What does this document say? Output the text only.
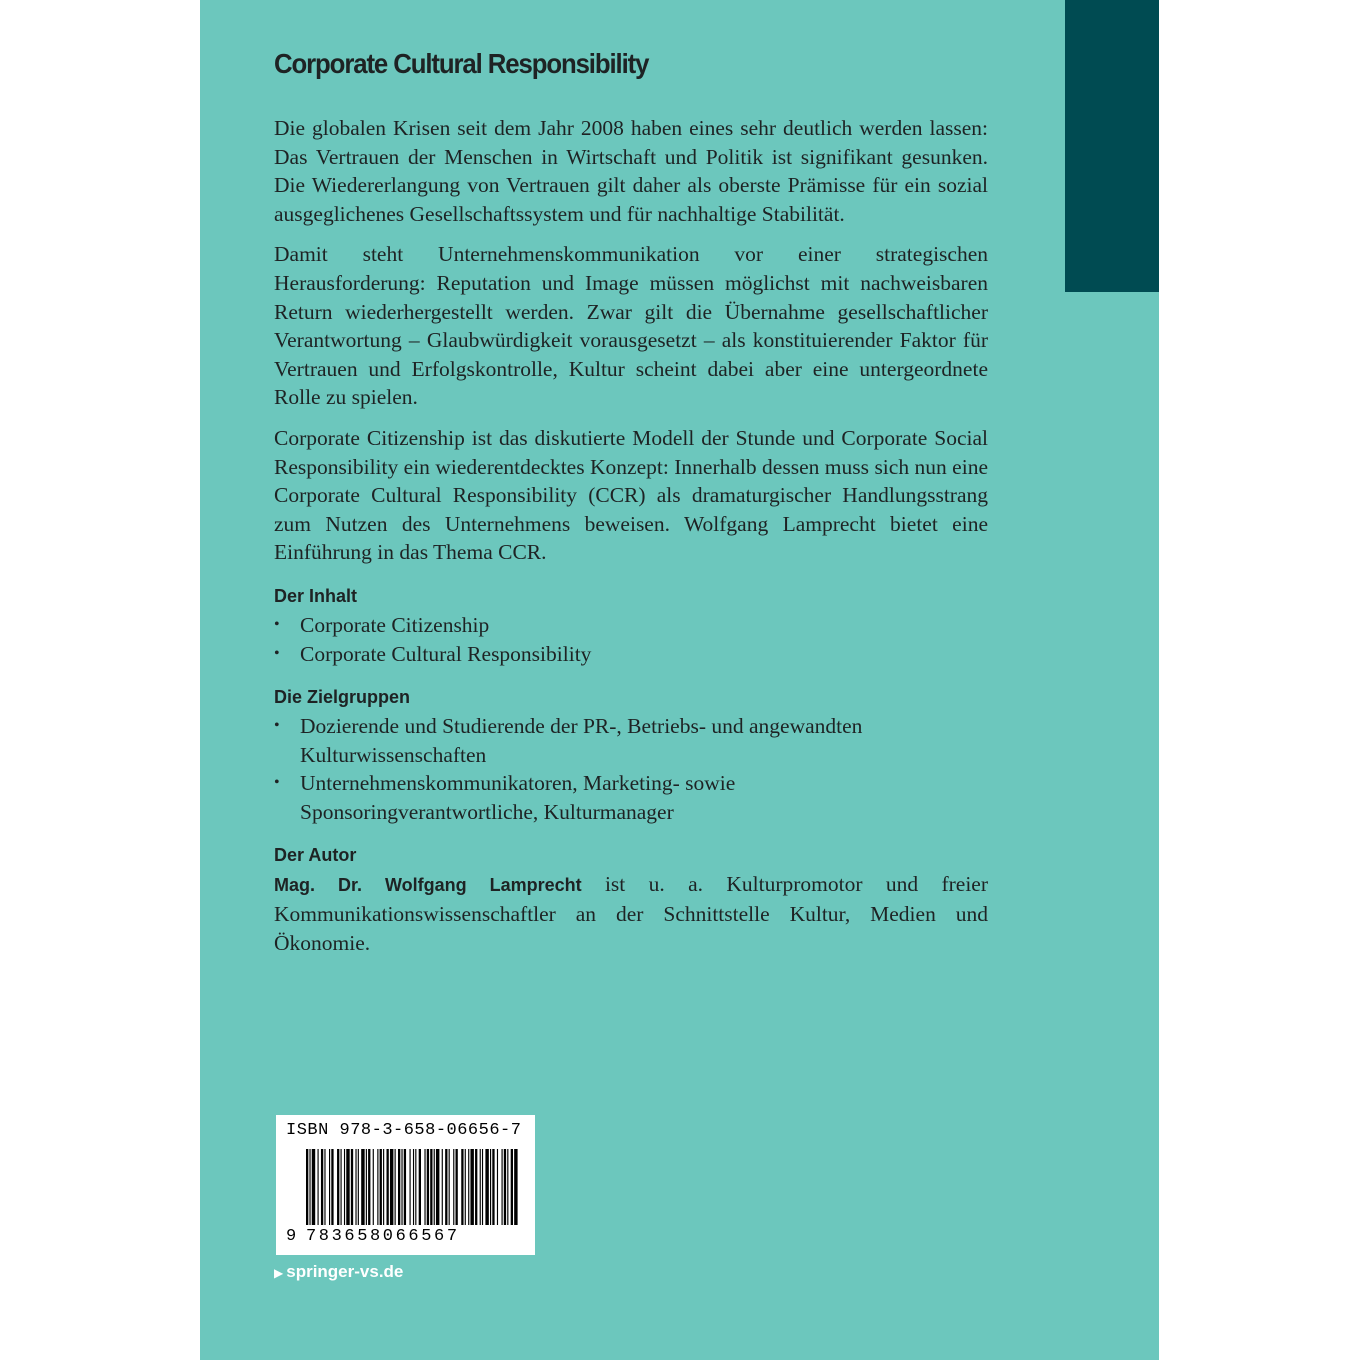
Corporate Cultural Responsibility

Die globalen Krisen seit dem Jahr 2008 haben eines sehr deutlich werden lassen: Das Vertrauen der Menschen in Wirtschaft und Politik ist signifikant gesunken. Die Wiedererlangung von Vertrauen gilt daher als oberste Prämisse für ein sozial ausgeglichenes Gesellschaftssystem und für nachhaltige Stabilität.

Damit steht Unternehmenskommunikation vor einer strategischen Herausforderung: Reputation und Image müssen möglichst mit nachweisbaren Return wiederhergestellt werden. Zwar gilt die Übernahme gesellschaftlicher Verantwortung – Glaubwürdigkeit vorausgesetzt – als konstituierender Faktor für Vertrauen und Erfolgskontrolle, Kultur scheint dabei aber eine untergeordnete Rolle zu spielen.

Corporate Citizenship ist das diskutierte Modell der Stunde und Corporate Social Responsibility ein wiederentdecktes Konzept: Innerhalb dessen muss sich nun eine Corporate Cultural Responsibility (CCR) als dramaturgischer Handlungsstrang zum Nutzen des Unternehmens beweisen. Wolfgang Lamprecht bietet eine Einführung in das Thema CCR.

Der Inhalt
• Corporate Citizenship
• Corporate Cultural Responsibility
Die Zielgruppen
• Dozierende und Studierende der PR-, Betriebs- und angewandten Kulturwissenschaften
• Unternehmenskommunikatoren, Marketing- sowie Sponsoringverantwortliche, Kulturmanager
Der Autor

Mag. Dr. Wolfgang Lamprecht ist u. a. Kulturpromotor und freier Kommunikationswissenschaftler an der Schnittstelle Kultur, Medien und Ökonomie.

ISBN 978-3-658-06656-7
9 783658066567
▶ springer-vs.de
